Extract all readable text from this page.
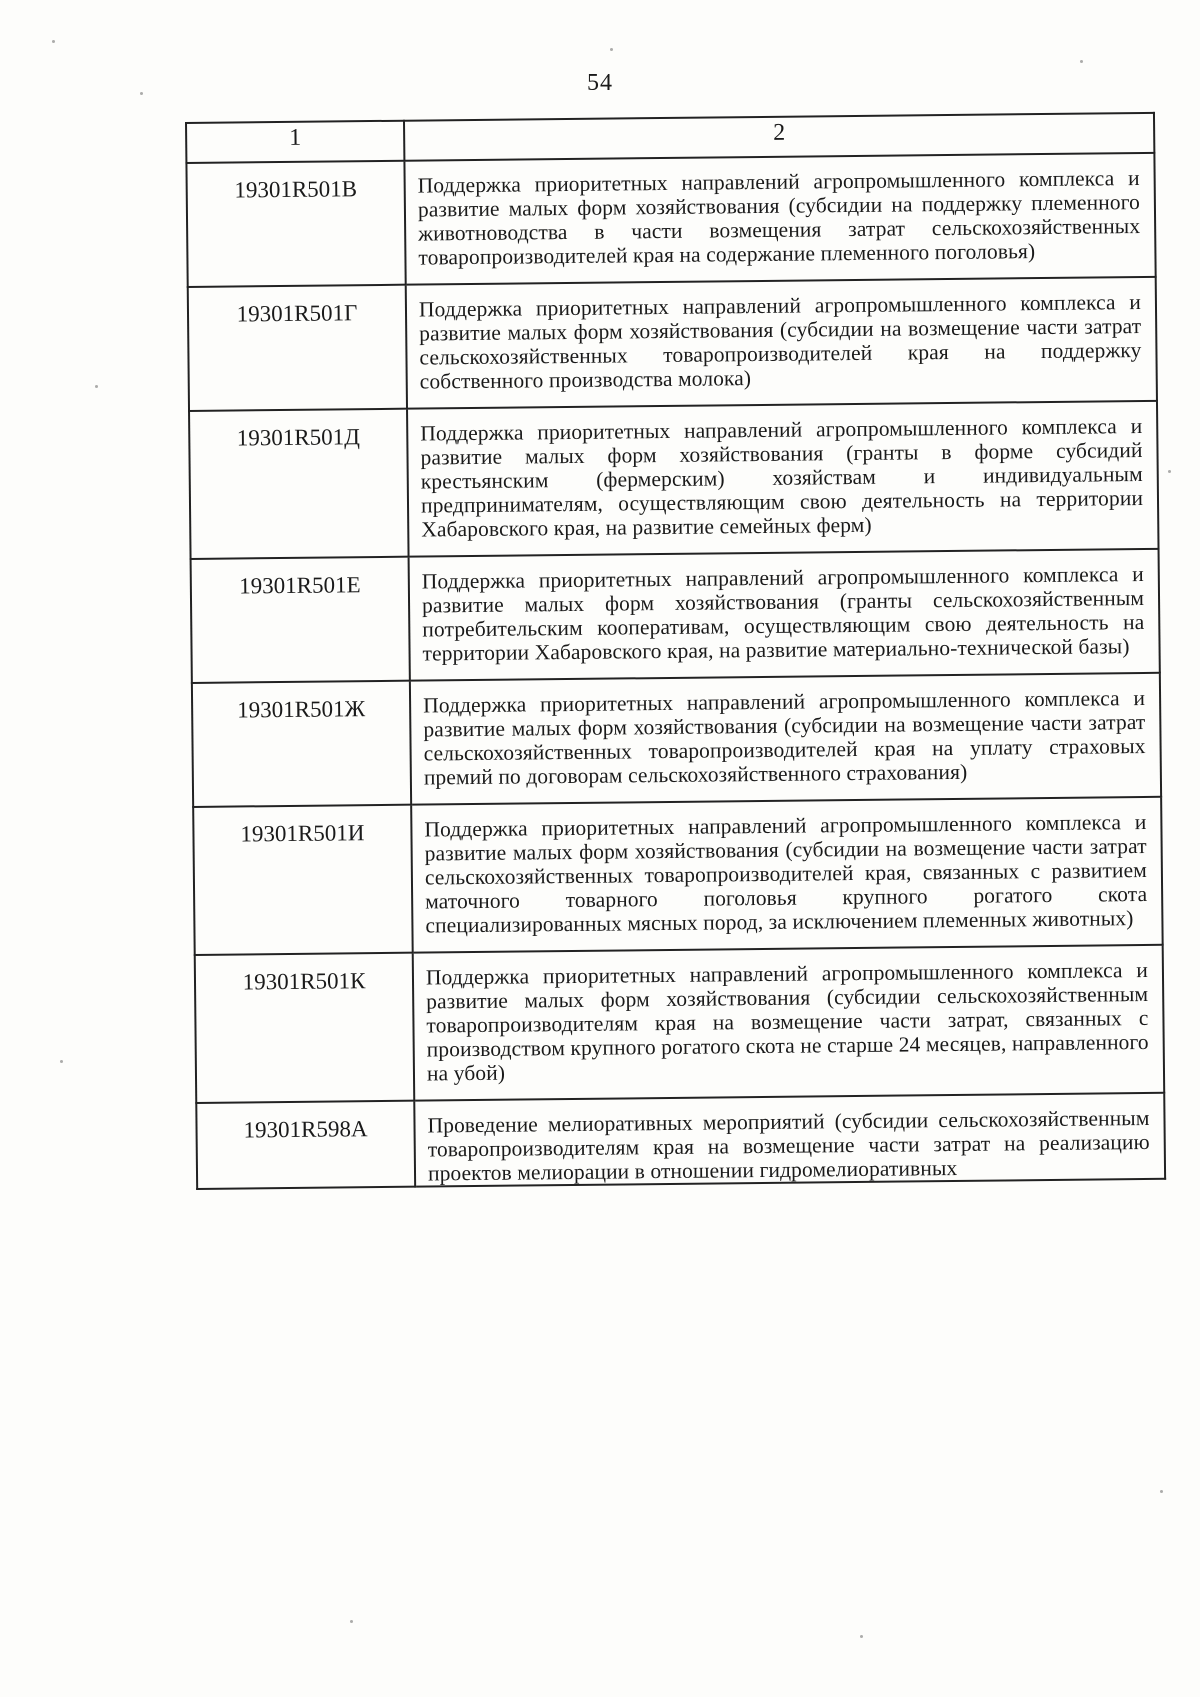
54
1	2
19301R501В	Поддержка приоритетных направлений агропромышленного комплекса и развитие малых форм хозяйствования (субсидии на поддержку племенного животноводства в части возмещения затрат сельскохозяйственных товаропроизводителей края на содержание племенного поголовья)
19301R501Г	Поддержка приоритетных направлений агропромышленного комплекса и развитие малых форм хозяйствования (субсидии на возмещение части затрат сельскохозяйственных товаропроизводителей края на поддержку собственного производства молока)
19301R501Д	Поддержка приоритетных направлений агропромышленного комплекса и развитие малых форм хозяйствования (гранты в форме субсидий крестьянским (фермерским) хозяйствам и индивидуальным предпринимателям, осуществляющим свою деятельность на территории Хабаровского края, на развитие семейных ферм)
19301R501Е	Поддержка приоритетных направлений агропромышленного комплекса и развитие малых форм хозяйствования (гранты сельскохозяйственным потребительским кооперативам, осуществляющим свою деятельность на территории Хабаровского края, на развитие материально-технической базы)
19301R501Ж	Поддержка приоритетных направлений агропромышленного комплекса и развитие малых форм хозяйствования (субсидии на возмещение части затрат сельскохозяйственных товаропроизводителей края на уплату страховых премий по договорам сельскохозяйственного страхования)
19301R501И	Поддержка приоритетных направлений агропромышленного комплекса и развитие малых форм хозяйствования (субсидии на возмещение части затрат сельскохозяйственных товаропроизводителей края, связанных с развитием маточного товарного поголовья крупного рогатого скота специализированных мясных пород, за исключением племенных животных)
19301R501К	Поддержка приоритетных направлений агропромышленного комплекса и развитие малых форм хозяйствования (субсидии сельскохозяйственным товаропроизводителям края на возмещение части затрат, связанных с производством крупного рогатого скота не старше 24 месяцев, направленного на убой)
19301R598А	Проведение мелиоративных мероприятий (субсидии сельскохозяйственным товаропроизводителям края на возмещение части затрат на реализацию проектов мелиорации в отношении гидромелиоративных
